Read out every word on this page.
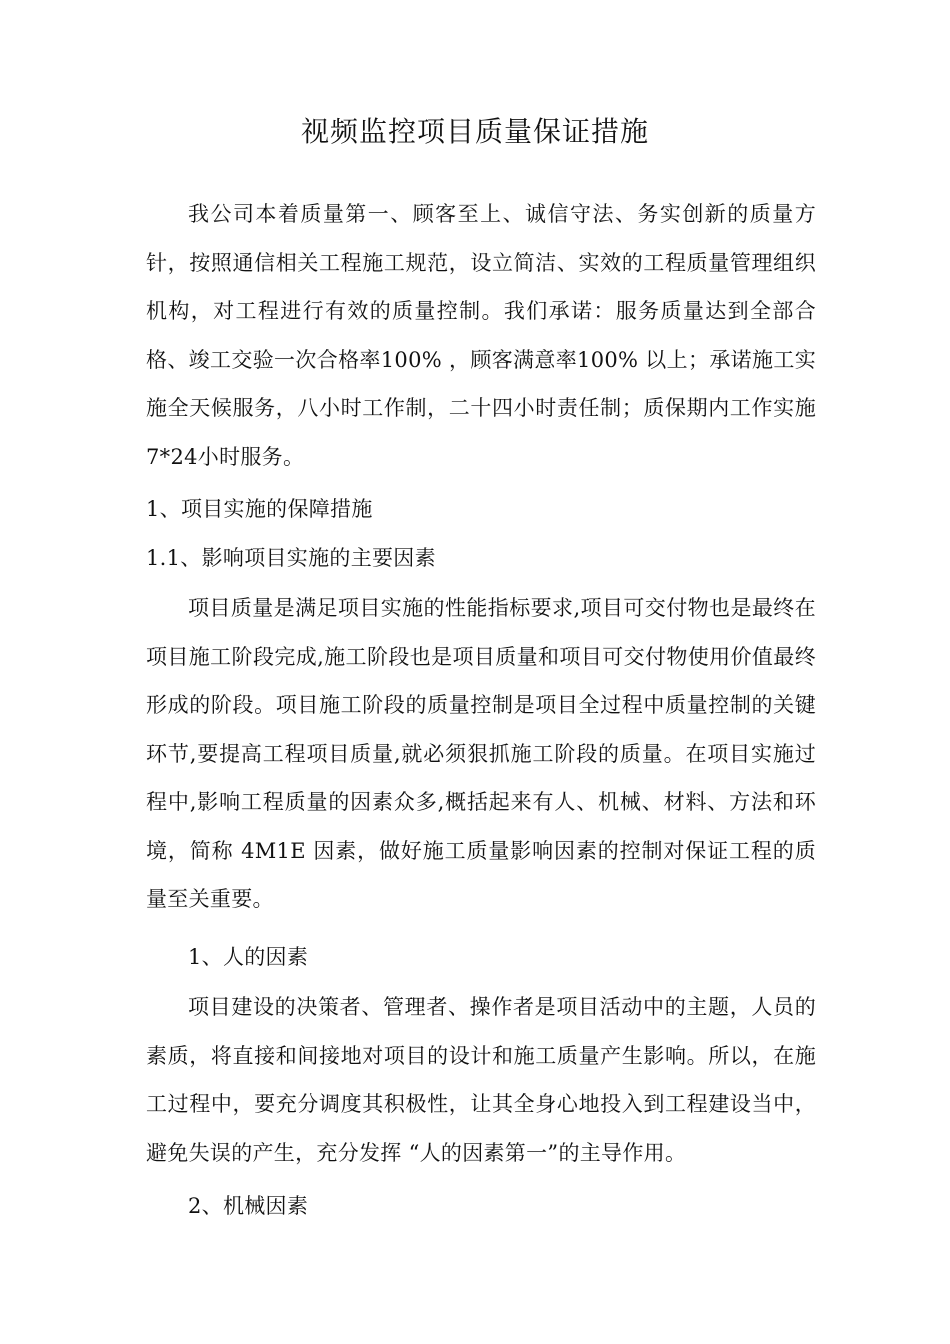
视频监控项目质量保证措施

我公司本着质量第一、顾客至上、诚信守法、务实创新的质量方针，按照通信相关工程施工规范，设立简洁、实效的工程质量管理组织机构，对工程进行有效的质量控制。我们承诺：服务质量达到全部合格、竣工交验一次合格率100% ，顾客满意率100% 以上；承诺施工实施全天候服务，八小时工作制，二十四小时责任制；质保期内工作实施7*24小时服务。

1、项目实施的保障措施
1.1、影响项目实施的主要因素

项目质量是满足项目实施的性能指标要求,项目可交付物也是最终在项目施工阶段完成,施工阶段也是项目质量和项目可交付物使用价值最终形成的阶段。项目施工阶段的质量控制是项目全过程中质量控制的关键环节,要提高工程项目质量,就必须狠抓施工阶段的质量。在项目实施过程中,影响工程质量的因素众多,概括起来有人、机械、材料、方法和环境，简称 4M1E 因素，做好施工质量影响因素的控制对保证工程的质量至关重要。

1、人的因素

项目建设的决策者、管理者、操作者是项目活动中的主题，人员的素质，将直接和间接地对项目的设计和施工质量产生影响。所以，在施工过程中，要充分调度其积极性，让其全身心地投入到工程建设当中，避免失误的产生，充分发挥 “人的因素第一”的主导作用。

2、机械因素
